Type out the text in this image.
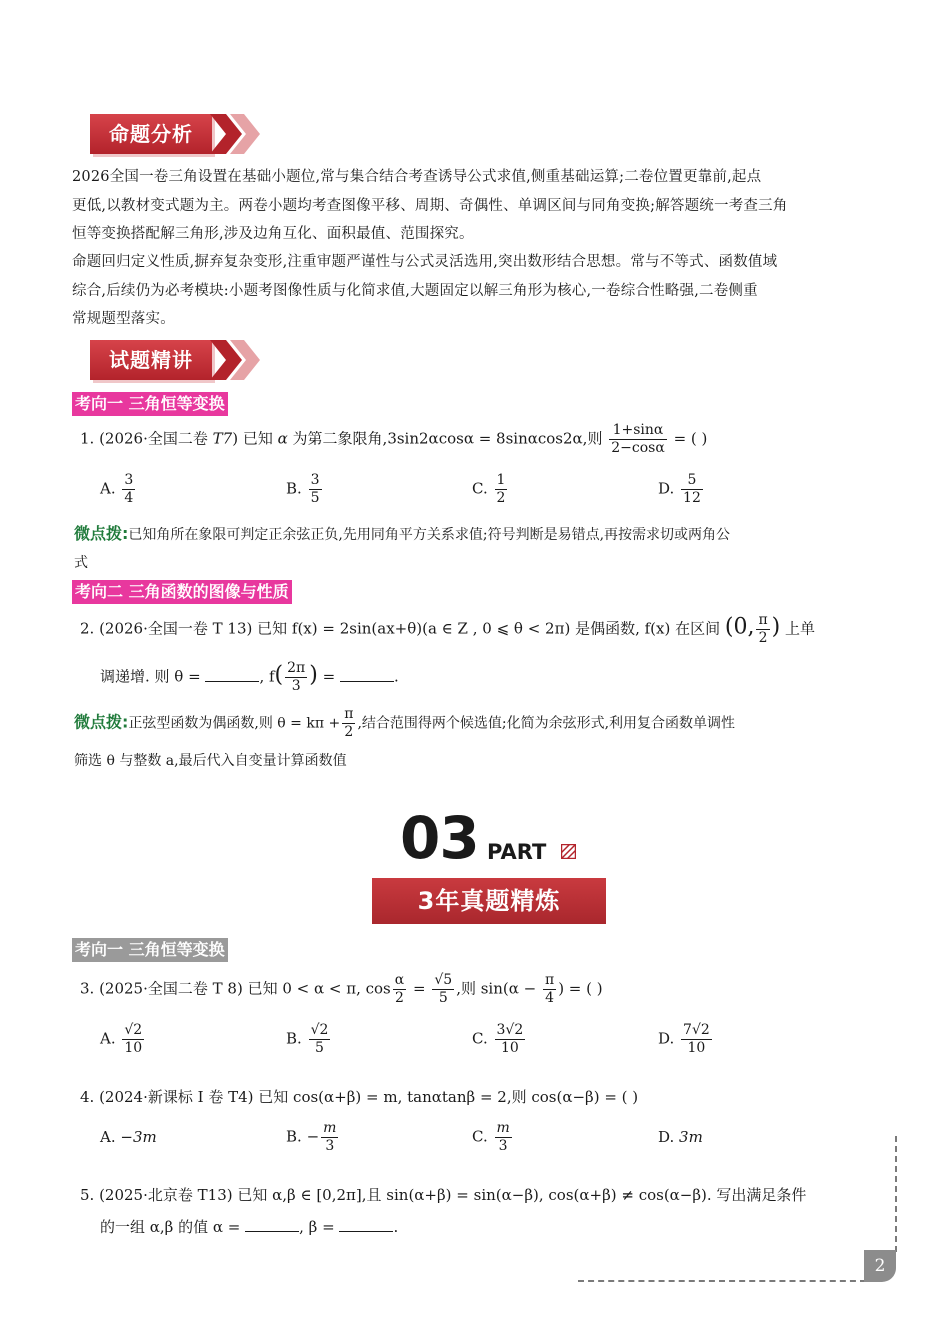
命题分析
2026全国一卷三角设置在基础小题位,常与集合结合考查诱导公式求值,侧重基础运算;二卷位置更靠前,起点
更低,以教材变式题为主。两卷小题均考查图像平移、周期、奇偶性、单调区间与同角变换;解答题统一考查三角
恒等变换搭配解三角形,涉及边角互化、面积最值、范围探究。
命题回归定义性质,摒弃复杂变形,注重审题严谨性与公式灵活选用,突出数形结合思想。常与不等式、函数值域
综合,后续仍为必考模块:小题考图像性质与化简求值,大题固定以解三角形为核心,一卷综合性略强,二卷侧重
常规题型落实。
试题精讲
考向一 三角恒等变换
1. (2026·全国二卷 T7) 已知 α 为第二象限角,3sin2αcosα = 8sinαcos2α,则 $\frac{1+\sin\alpha}{2-\cos\alpha}$ = ( )
A. $\frac{3}{4}$	B. $\frac{3}{5}$	C. $\frac{1}{2}$	D. $\frac{5}{12}$
微点拨:已知角所在象限可判定正余弦正负,先用同角平方关系求值;符号判断是易错点,再按需求切或两角公
式
考向二 三角函数的图像与性质
2. (2026·全国一卷 T 13) 已知 f(x) = 2sin(ax+θ)(a ∈ Z , 0 ⩽ θ < 2π) 是偶函数, f(x) 在区间 (0, $\frac{\pi}{2}$ ) 上单
调递增. 则 θ =	, $f( \frac{2\pi}{3}$ ) =	.
微点拨:正弦型函数为偶函数,则 $\theta = k\pi + \frac{\pi}{2}$ ,结合范围得两个候选值;化简为余弦形式,利用复合函数单调性
筛选 θ 与整数 a,最后代入自变量计算函数值
03 PART
3年真题精炼
考向一 三角恒等变换
3. (2025·全国二卷 T 8) 已知 0 < α < π, $\cos \frac{\alpha}{2} = \frac{√5}{5}$ ,则 $\sin(\alpha - \frac{\pi}{4}$ ) = ( )
A. $\frac{√2}{10}$	B. $\frac{√2}{5}$	C. $\frac{3√2}{10}$	D. $\frac{7√2}{10}$
4. (2024·新课标 Ⅰ 卷 T4) 已知 cos(α+β) = m, tanαtanβ = 2,则 cos(α−β) = ( )
A. −3m	B. − $\frac{m}{3}$	C. $\frac{m}{3}$	D. 3m
5. (2025·北京卷 T13) 已知 α,β ∈ [0,2π],且 sin(α+β) = sin(α−β), cos(α+β) ≠ cos(α−β). 写出满足条件
的一组 α,β 的值 α =	, β =	.
2
